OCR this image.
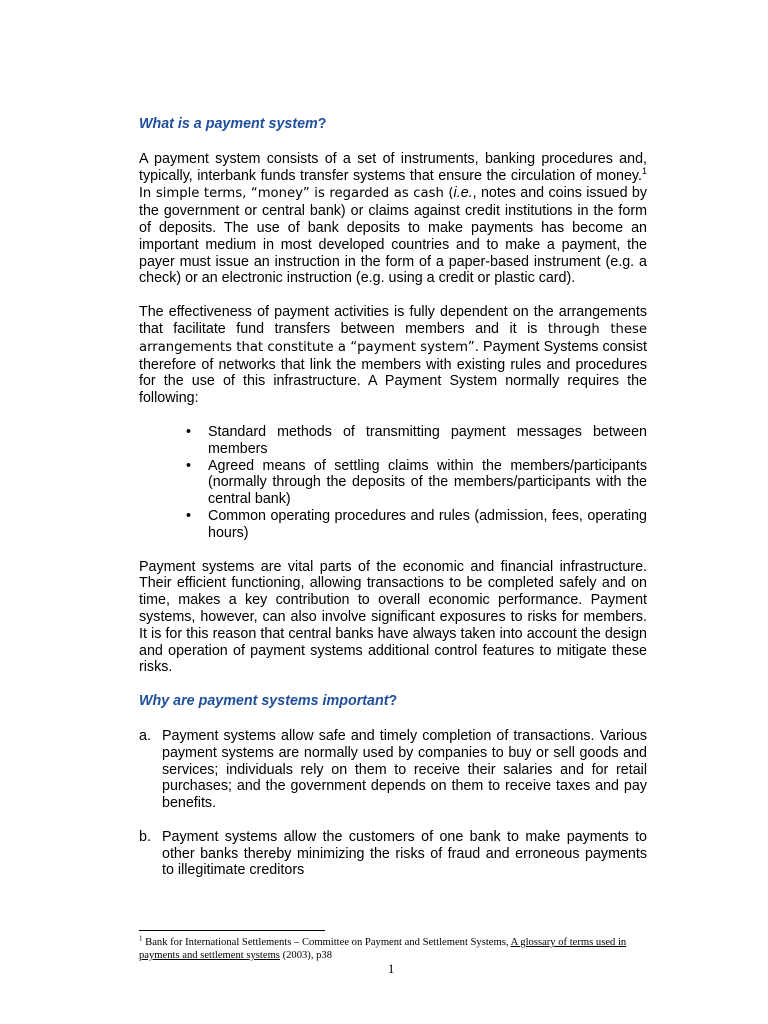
What is a payment system?

A payment system consists of a set of instruments, banking procedures and, typically, interbank funds transfer systems that ensure the circulation of money.$^1$ In simple terms, “money” is regarded as cash (i.e., notes and coins issued by the government or central bank) or claims against credit institutions in the form of deposits. The use of bank deposits to make payments has become an important medium in most developed countries and to make a payment, the payer must issue an instruction in the form of a paper-based instrument (e.g. a check) or an electronic instruction (e.g. using a credit or plastic card).

The effectiveness of payment activities is fully dependent on the arrangements that facilitate fund transfers between members and it is through these arrangements that constitute a “payment system”. Payment Systems consist therefore of networks that link the members with existing rules and procedures for the use of this infrastructure. A Payment System normally requires the following:

• Standard methods of transmitting payment messages between members
• Agreed means of settling claims within the members/participants (normally through the deposits of the members/participants with the central bank)
• Common operating procedures and rules (admission, fees, operating hours)

Payment systems are vital parts of the economic and financial infrastructure. Their efficient functioning, allowing transactions to be completed safely and on time, makes a key contribution to overall economic performance. Payment systems, however, can also involve significant exposures to risks for members. It is for this reason that central banks have always taken into account the design and operation of payment systems additional control features to mitigate these risks.

Why are payment systems important?
a. Payment systems allow safe and timely completion of transactions. Various payment systems are normally used by companies to buy or sell goods and services; individuals rely on them to receive their salaries and for retail purchases; and the government depends on them to receive taxes and pay benefits.
b. Payment systems allow the customers of one bank to make payments to other banks thereby minimizing the risks of fraud and erroneous payments to illegitimate creditors
$^1$ Bank for International Settlements – Committee on Payment and Settlement Systems, A glossary of terms used in payments and settlement systems (2003), p38
1
